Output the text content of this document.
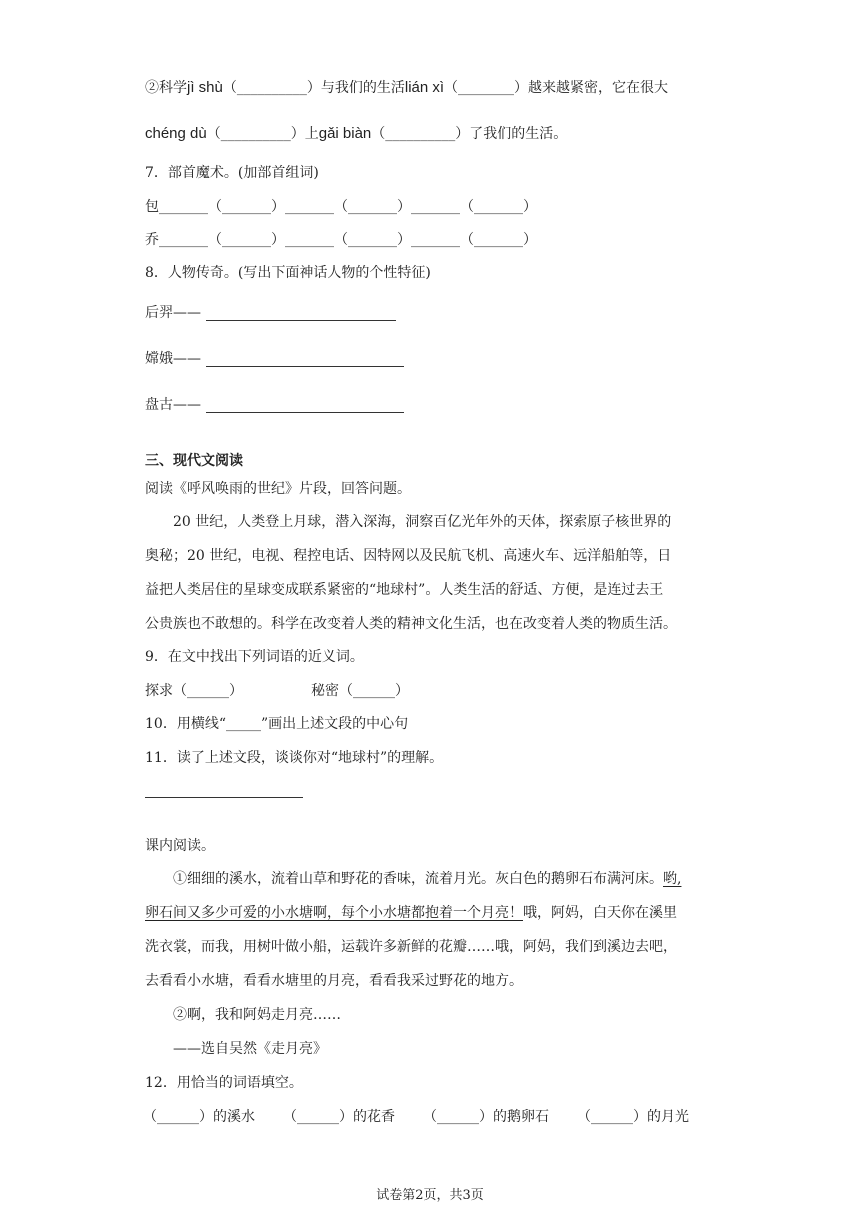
②科学jì shù（__________）与我们的生活lián xì（________）越来越紧密，它在很大
chéng dù（__________）上gǎi biàn（__________）了我们的生活。
7．部首魔术。(加部首组词)
包_______（_______）_______（_______）_______（_______）
乔_______（_______）_______（_______）_______（_______）
8．人物传奇。(写出下面神话人物的个性特征)
后羿——
嫦娥——
盘古——
三、现代文阅读
阅读《呼风唤雨的世纪》片段，回答问题。
20 世纪，人类登上月球，潜入深海，洞察百亿光年外的天体，探索原子核世界的
奥秘；20 世纪，电视、程控电话、因特网以及民航飞机、高速火车、远洋船舶等，日
益把人类居住的星球变成联系紧密的“地球村”。人类生活的舒适、方便，是连过去王
公贵族也不敢想的。科学在改变着人类的精神文化生活，也在改变着人类的物质生活。
9．在文中找出下列词语的近义词。
探求（______）	秘密（______）
10．用横线“_____”画出上述文段的中心句
11．读了上述文段，谈谈你对“地球村”的理解。
课内阅读。
①细细的溪水，流着山草和野花的香味，流着月光。灰白色的鹅卵石布满河床。哟,
卵石间又多少可爱的小水塘啊，每个小水塘都抱着一个月亮！哦，阿妈，白天你在溪里
洗衣裳，而我，用树叶做小船，运载许多新鲜的花瓣……哦，阿妈，我们到溪边去吧，
去看看小水塘，看看水塘里的月亮，看看我采过野花的地方。
②啊，我和阿妈走月亮……
——选自吴然《走月亮》
12．用恰当的词语填空。
（______）的溪水 （______）的花香 （______）的鹅卵石 （______）的月光
试卷第2页，共3页
